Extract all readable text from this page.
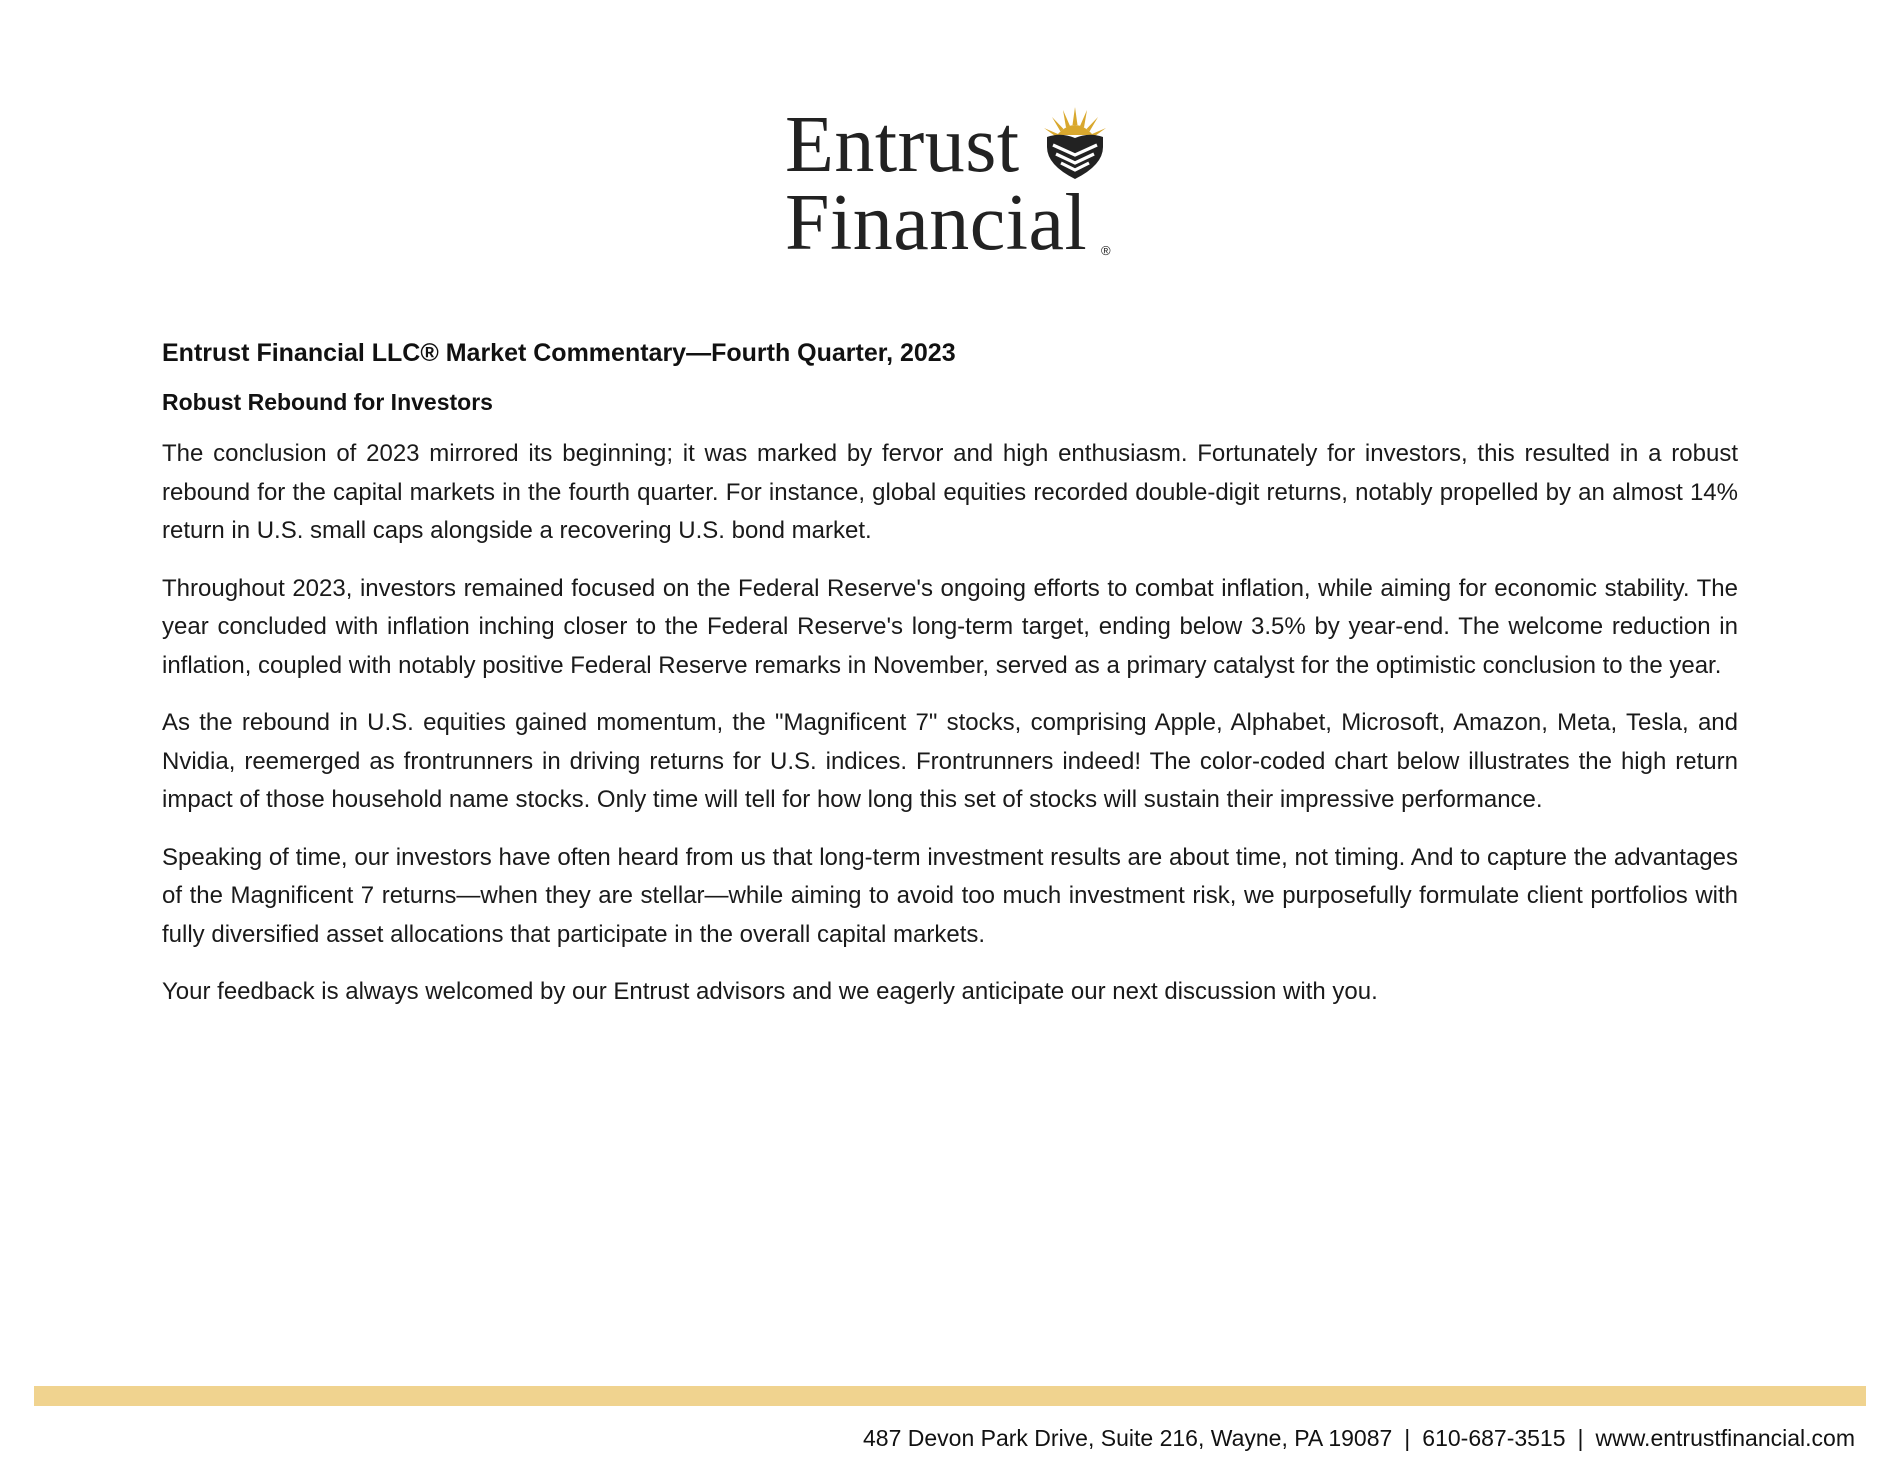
Entrust
Financial ®
Entrust Financial LLC® Market Commentary—Fourth Quarter, 2023
Robust Rebound for Investors

The conclusion of 2023 mirrored its beginning; it was marked by fervor and high enthusiasm. Fortunately for investors, this resulted in a robust rebound for the capital markets in the fourth quarter. For instance, global equities recorded double-digit returns, notably propelled by an almost 14% return in U.S. small caps alongside a recovering U.S. bond market.

Throughout 2023, investors remained focused on the Federal Reserve's ongoing efforts to combat inflation, while aiming for economic stability. The year concluded with inflation inching closer to the Federal Reserve's long-term target, ending below 3.5% by year-end. The welcome reduction in inflation, coupled with notably positive Federal Reserve remarks in November, served as a primary catalyst for the optimistic conclusion to the year.

As the rebound in U.S. equities gained momentum, the "Magnificent 7" stocks, comprising Apple, Alphabet, Microsoft, Amazon, Meta, Tesla, and Nvidia, reemerged as frontrunners in driving returns for U.S. indices. Frontrunners indeed! The color-coded chart below illustrates the high return impact of those household name stocks. Only time will tell for how long this set of stocks will sustain their impressive performance.

Speaking of time, our investors have often heard from us that long-term investment results are about time, not timing. And to capture the advantages of the Magnificent 7 returns—when they are stellar—while aiming to avoid too much investment risk, we purposefully formulate client portfolios with fully diversified asset allocations that participate in the overall capital markets.

Your feedback is always welcomed by our Entrust advisors and we eagerly anticipate our next discussion with you.

487 Devon Park Drive, Suite 216, Wayne, PA 19087 | 610-687-3515 | www.entrustfinancial.com
